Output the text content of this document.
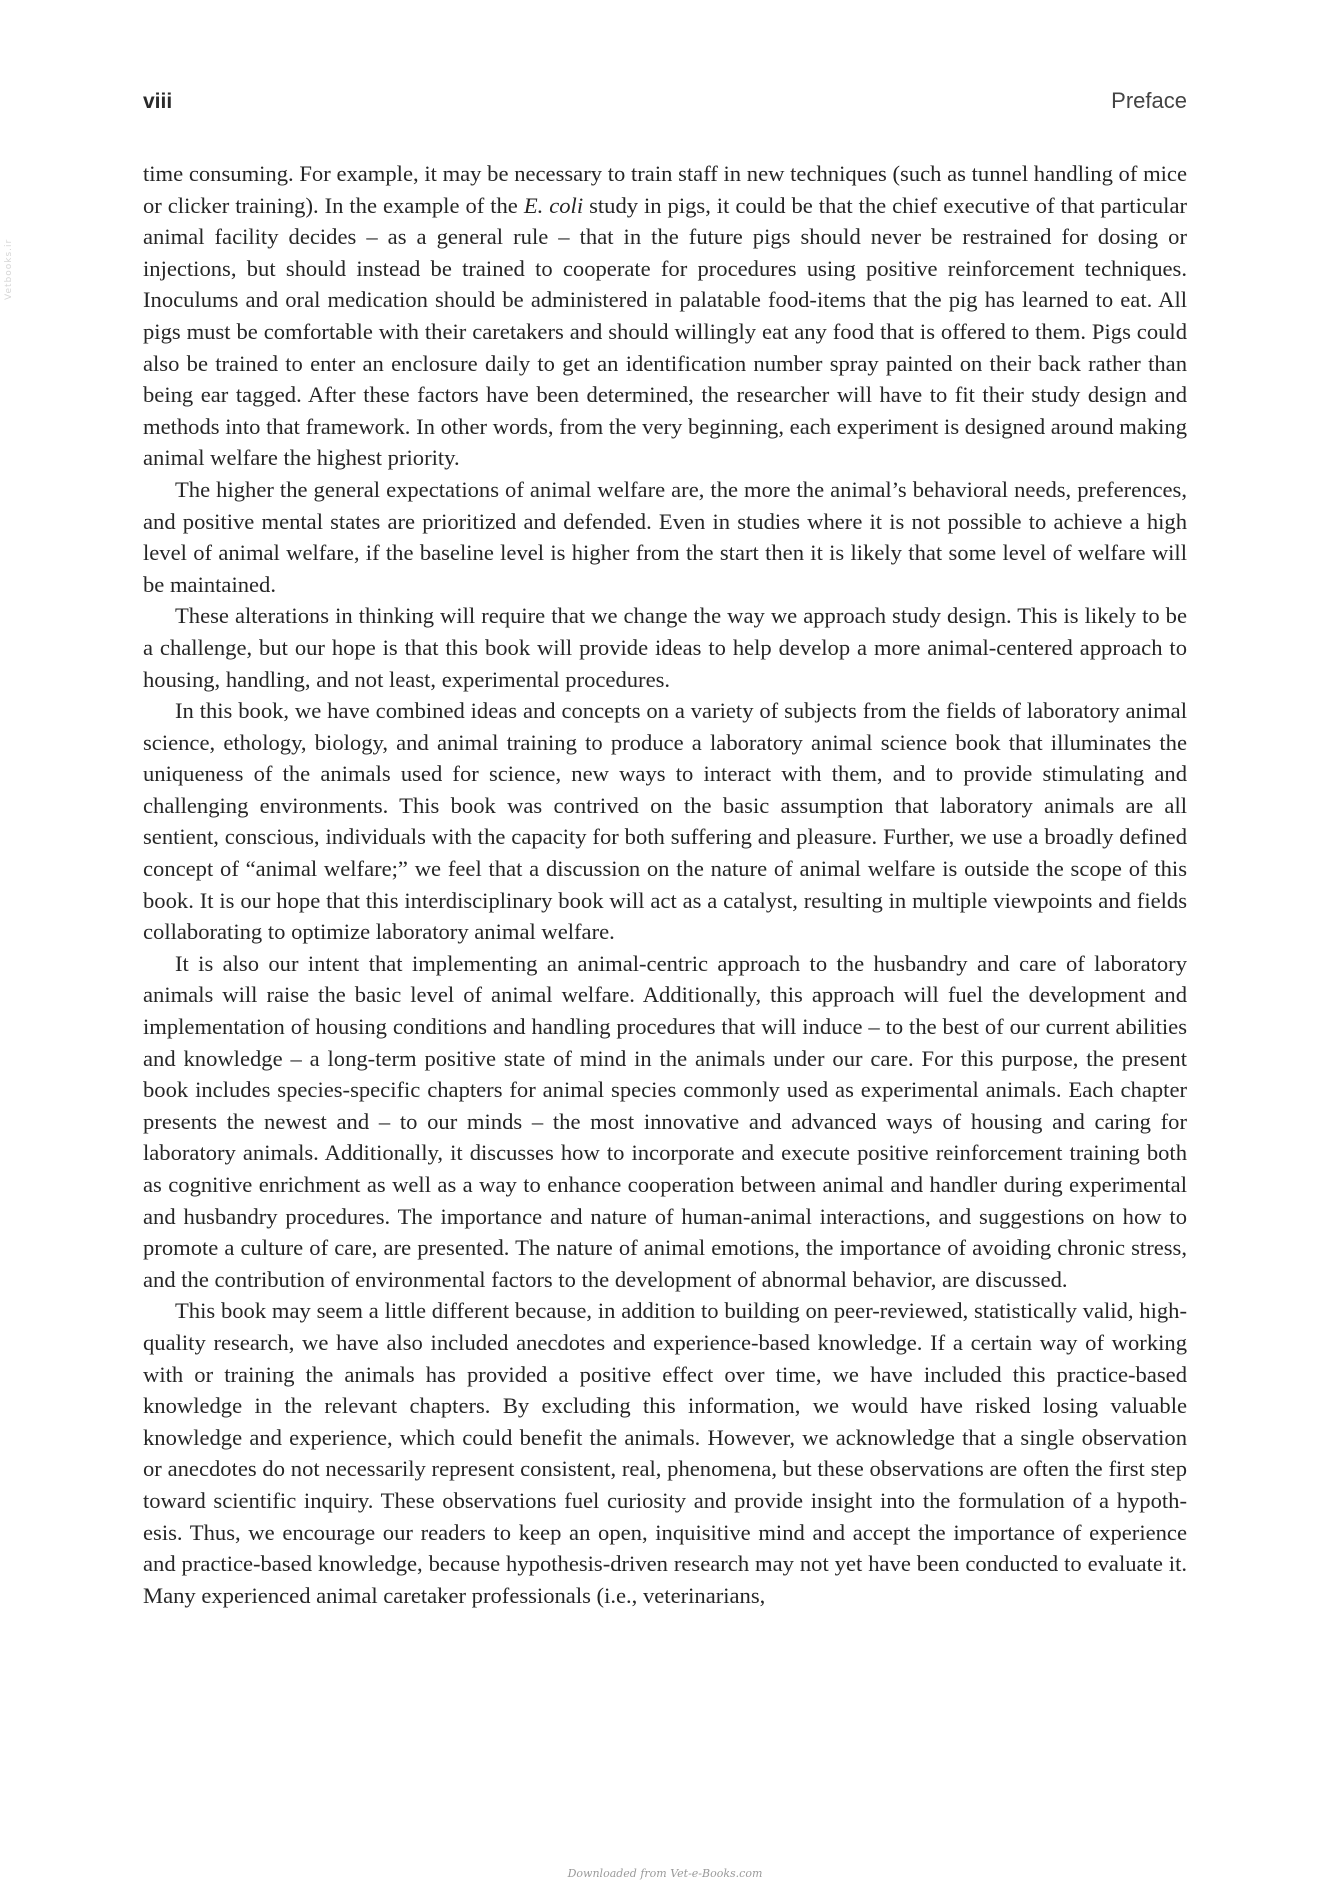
viii	Preface
Vetbooks.ir

time consuming. For example, it may be necessary to train staff in new techniques (such as tunnel handling of mice or clicker training). In the example of the E. coli study in pigs, it could be that the chief executive of that particular animal facility decides – as a general rule – that in the future pigs should never be restrained for dosing or injections, but should instead be trained to cooperate for procedures using positive reinforcement techniques. Inoculums and oral medication should be administered in palatable food-items that the pig has learned to eat. All pigs must be comfortable with their caretakers and should willingly eat any food that is offered to them. Pigs could also be trained to enter an enclosure daily to get an identification number spray painted on their back rather than being ear tagged. After these factors have been determined, the researcher will have to fit their study design and methods into that framework. In other words, from the very beginning, each experiment is designed around making animal welfare the highest priority.

The higher the general expectations of animal welfare are, the more the animal’s behavioral needs, preferences, and positive mental states are prioritized and defended. Even in studies where it is not possible to achieve a high level of animal welfare, if the baseline level is higher from the start then it is likely that some level of welfare will be maintained.

These alterations in thinking will require that we change the way we approach study design. This is likely to be a challenge, but our hope is that this book will provide ideas to help develop a more animal-centered approach to housing, handling, and not least, experimental procedures.

In this book, we have combined ideas and concepts on a variety of subjects from the fields of laboratory animal science, ethology, biology, and animal training to produce a laboratory animal science book that illuminates the uniqueness of the animals used for science, new ways to interact with them, and to provide stimulating and challenging environments. This book was contrived on the basic assumption that laboratory animals are all sentient, conscious, individuals with the capacity for both suffering and pleasure. Further, we use a broadly defined concept of “animal welfare;” we feel that a discussion on the nature of animal welfare is outside the scope of this book. It is our hope that this interdisciplinary book will act as a catalyst, resulting in multiple viewpoints and fields collaborating to optimize laboratory animal welfare.

It is also our intent that implementing an animal-centric approach to the husbandry and care of laboratory animals will raise the basic level of animal welfare. Additionally, this approach will fuel the development and implementation of housing conditions and handling procedures that will induce – to the best of our current abilities and knowledge – a long-term positive state of mind in the animals under our care. For this purpose, the present book includes species-specific chapters for animal species commonly used as experimental animals. Each chapter presents the newest and – to our minds – the most innovative and advanced ways of housing and caring for laboratory animals. Additionally, it discusses how to incorporate and execute positive reinforcement training both as cognitive enrichment as well as a way to enhance cooperation between animal and handler during experimental and husbandry procedures. The importance and nature of human-animal interactions, and suggestions on how to promote a culture of care, are presented. The nature of animal emotions, the importance of avoiding chronic stress, and the contribution of environmental factors to the development of abnormal behavior, are discussed.

This book may seem a little different because, in addition to building on peer-reviewed, statistically valid, high-quality research, we have also included anecdotes and experience-based knowledge. If a certain way of working with or training the animals has provided a positive effect over time, we have included this practice-based knowledge in the relevant chapters. By excluding this information, we would have risked losing valuable knowledge and experience, which could benefit the animals. However, we acknowledge that a single observation or anecdotes do not necessarily represent consistent, real, phenomena, but these observations are often the first step toward scientific inquiry. These observations fuel curiosity and provide insight into the formulation of a hypothesis. Thus, we encourage our readers to keep an open, inquisitive mind and accept the importance of experience and practice-based knowledge, because hypothesis-driven research may not yet have been conducted to evaluate it. Many experienced animal caretaker professionals (i.e., veterinarians,

Downloaded from Vet-e-Books.com
